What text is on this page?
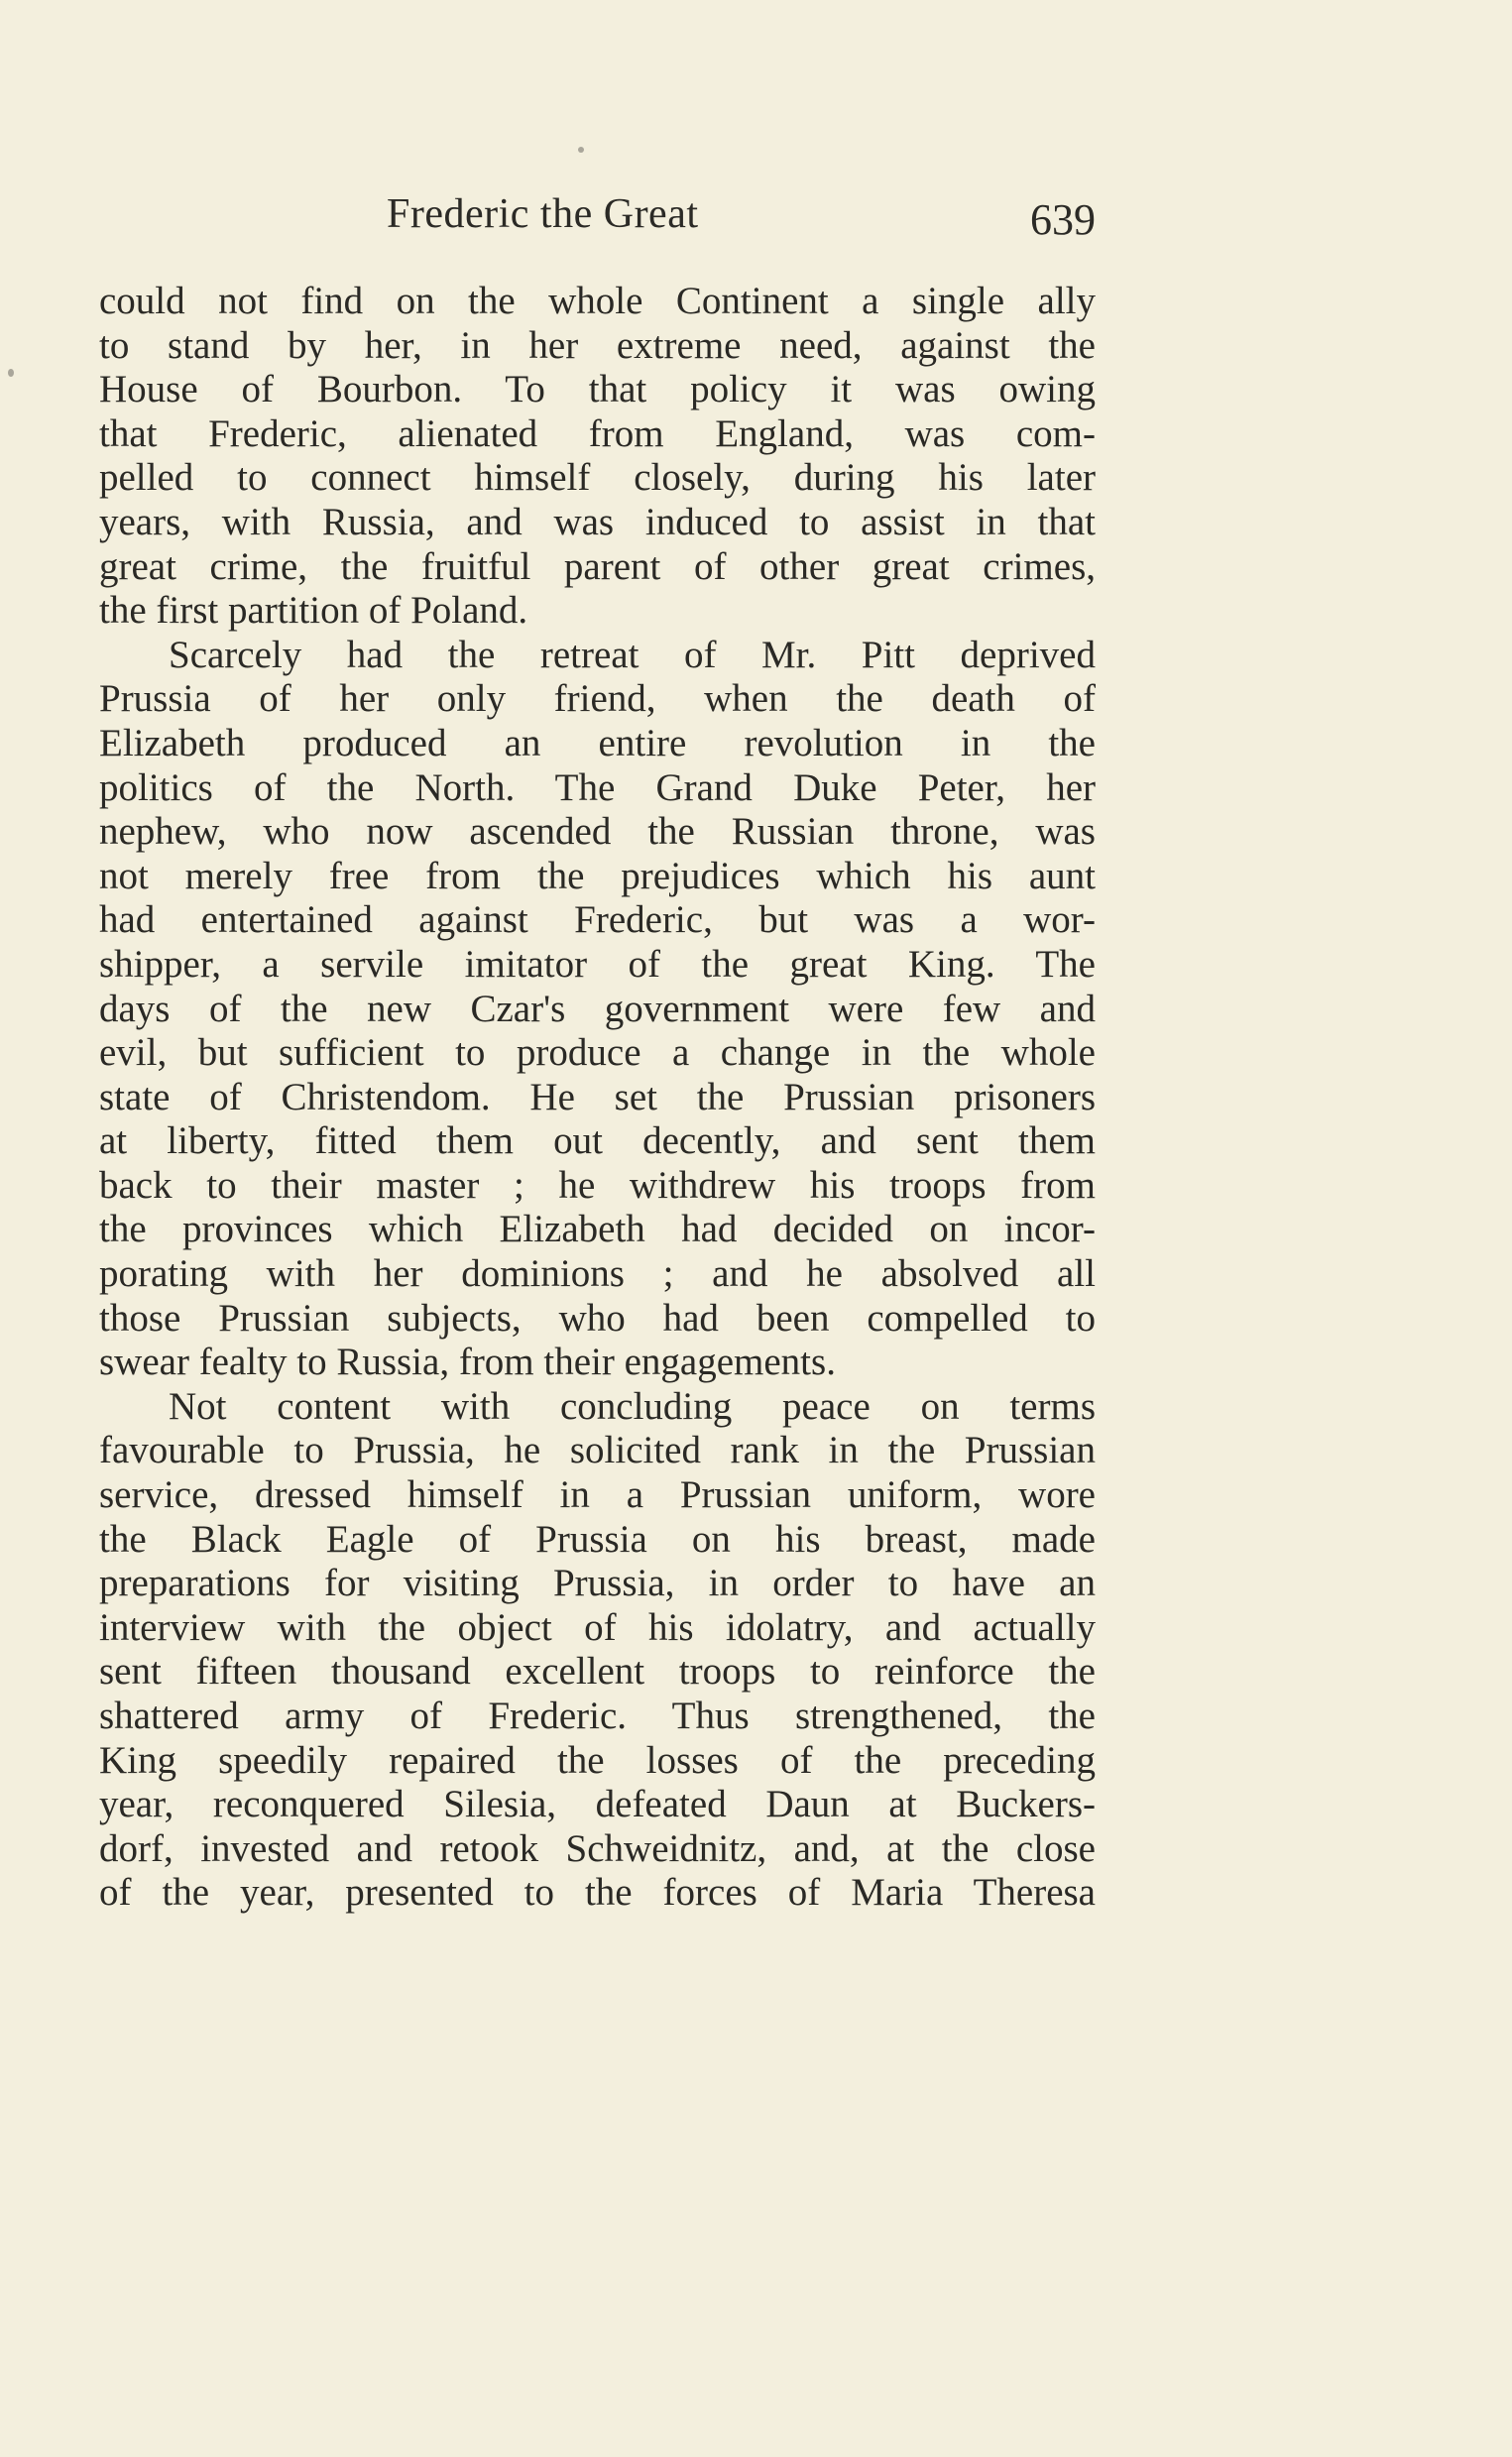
Frederic the Great	639

could not find on the whole Continent a single ally
to stand by her, in her extreme need, against the
House of Bourbon. To that policy it was owing
that Frederic, alienated from England, was com-
pelled to connect himself closely, during his later
years, with Russia, and was induced to assist in that
great crime, the fruitful parent of other great crimes,
the first partition of Poland.

Scarcely had the retreat of Mr. Pitt deprived
Prussia of her only friend, when the death of
Elizabeth produced an entire revolution in the
politics of the North. The Grand Duke Peter, her
nephew, who now ascended the Russian throne, was
not merely free from the prejudices which his aunt
had entertained against Frederic, but was a wor-
shipper, a servile imitator of the great King. The
days of the new Czar's government were few and
evil, but sufficient to produce a change in the whole
state of Christendom. He set the Prussian prisoners
at liberty, fitted them out decently, and sent them
back to their master ; he withdrew his troops from
the provinces which Elizabeth had decided on incor-
porating with her dominions ; and he absolved all
those Prussian subjects, who had been compelled to
swear fealty to Russia, from their engagements.

Not content with concluding peace on terms
favourable to Prussia, he solicited rank in the Prussian
service, dressed himself in a Prussian uniform, wore
the Black Eagle of Prussia on his breast, made
preparations for visiting Prussia, in order to have an
interview with the object of his idolatry, and actually
sent fifteen thousand excellent troops to reinforce the
shattered army of Frederic. Thus strengthened, the
King speedily repaired the losses of the preceding
year, reconquered Silesia, defeated Daun at Buckers-
dorf, invested and retook Schweidnitz, and, at the close
of the year, presented to the forces of Maria Theresa
